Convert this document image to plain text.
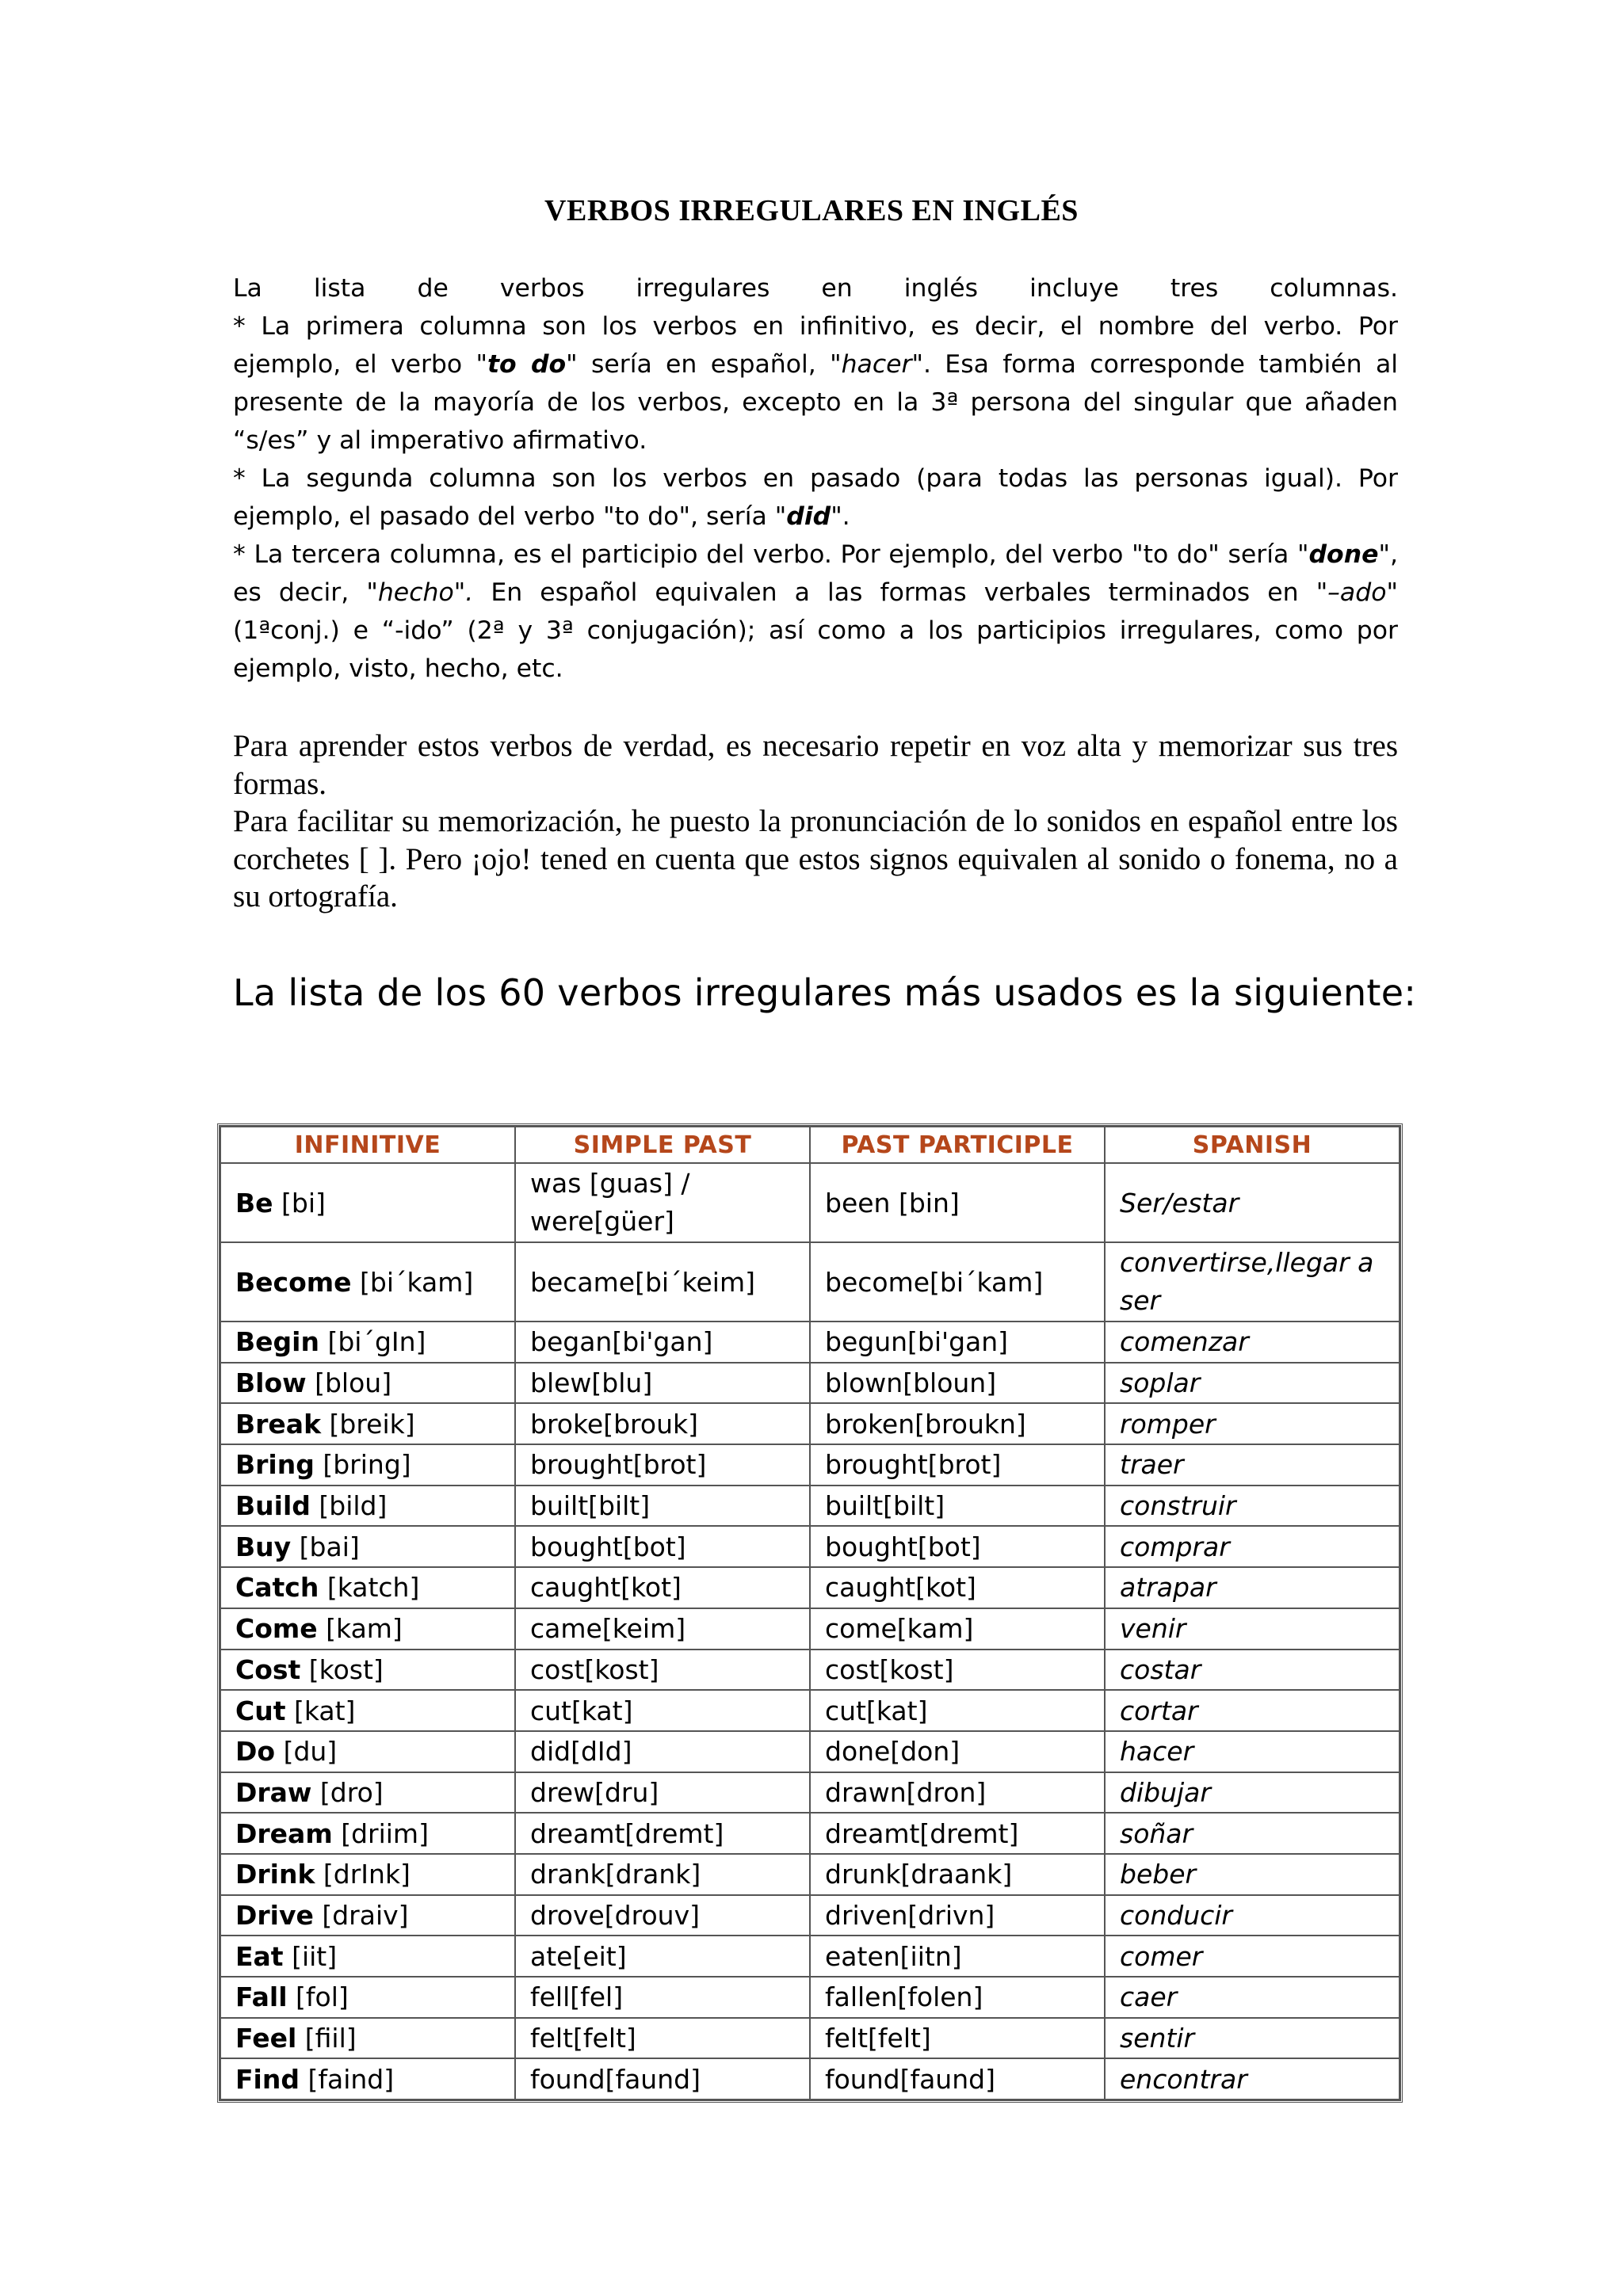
VERBOS IRREGULARES EN INGLÉS

La lista de verbos irregulares en inglés incluye tres columnas.

* La primera columna son los verbos en infinitivo, es decir, el nombre del verbo. Por ejemplo, el verbo "to do" sería en español, "hacer". Esa forma corresponde también al presente de la mayoría de los verbos, excepto en la 3ª persona del singular que añaden “s/es” y al imperativo afirmativo.

* La segunda columna son los verbos en pasado (para todas las personas igual). Por ejemplo, el pasado del verbo "to do", sería "did".

* La tercera columna, es el participio del verbo. Por ejemplo, del verbo "to do" sería "done", es decir, "hecho". En español equivalen a las formas verbales terminados en "–ado" (1ªconj.) e “-ido” (2ª y 3ª conjugación); así como a los participios irregulares, como por ejemplo, visto, hecho, etc.

Para aprender estos verbos de verdad, es necesario repetir en voz alta y memorizar sus tres formas.

Para facilitar su memorización, he puesto la pronunciación de lo sonidos en español entre los corchetes [ ]. Pero ¡ojo! tened en cuenta que estos signos equivalen al sonido o fonema, no a su ortografía.

La lista de los 60 verbos irregulares más usados es la siguiente:
INFINITIVE	SIMPLE PAST	PAST PARTICIPLE	SPANISH
Be [bi]	was [guas] / were[güer]	been [bin]	Ser/estar
Become [bi´kam]	became[bi´keim]	become[bi´kam]	convertirse,llegar a ser
Begin [bi´gIn]	began[bi'gan]	begun[bi'gan]	comenzar
Blow [blou]	blew[blu]	blown[bloun]	soplar
Break [breik]	broke[brouk]	broken[broukn]	romper
Bring [bring]	brought[brot]	brought[brot]	traer
Build [bild]	built[bilt]	built[bilt]	construir
Buy [bai]	bought[bot]	bought[bot]	comprar
Catch [katch]	caught[kot]	caught[kot]	atrapar
Come [kam]	came[keim]	come[kam]	venir
Cost [kost]	cost[kost]	cost[kost]	costar
Cut [kat]	cut[kat]	cut[kat]	cortar
Do [du]	did[dId]	done[don]	hacer
Draw [dro]	drew[dru]	drawn[dron]	dibujar
Dream [driim]	dreamt[dremt]	dreamt[dremt]	soñar
Drink [drInk]	drank[drank]	drunk[draank]	beber
Drive [draiv]	drove[drouv]	driven[drivn]	conducir
Eat [iit]	ate[eit]	eaten[iitn]	comer
Fall [fol]	fell[fel]	fallen[folen]	caer
Feel [fiil]	felt[felt]	felt[felt]	sentir
Find [faind]	found[faund]	found[faund]	encontrar
